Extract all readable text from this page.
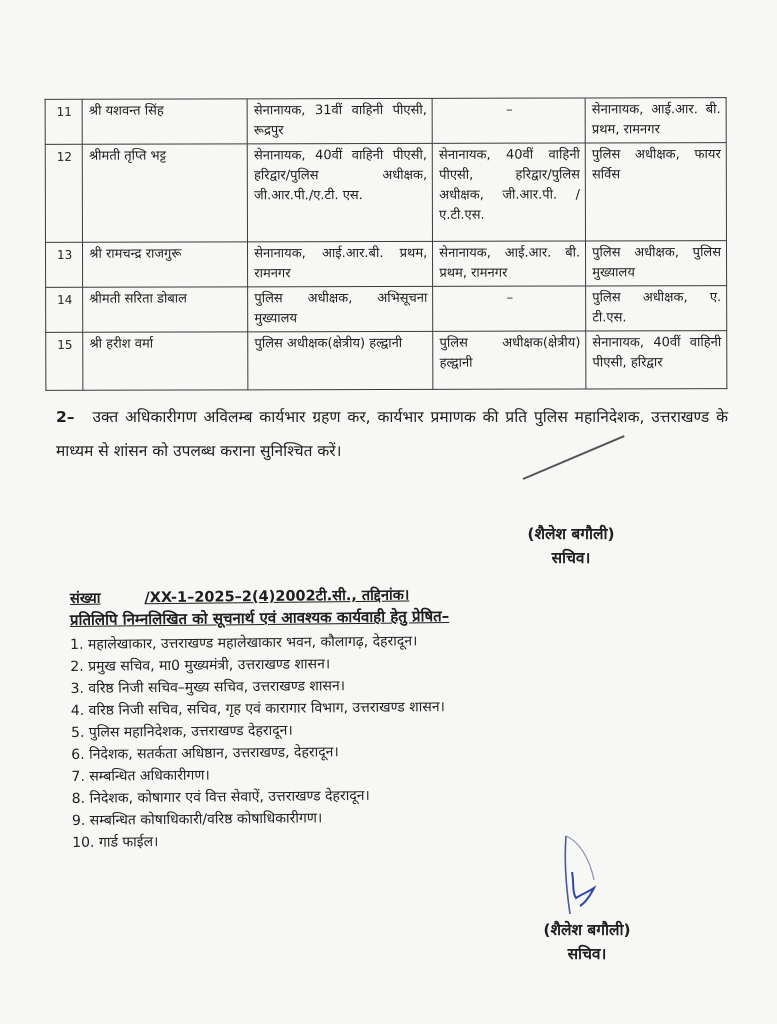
11	श्री यशवन्त सिंह	सेनानायक, 31वीं वाहिनी पीएसी, रूद्रपुर	–	सेनानायक, आई.आर. बी. प्रथम, रामनगर
12	श्रीमती तृप्ति भट्ट	सेनानायक, 40वीं वाहिनी पीएसी, हरिद्वार/पुलिस अधीक्षक, जी.आर.पी./ए.टी. एस.	सेनानायक, 40वीं वाहिनी पीएसी, हरिद्वार/पुलिस अधीक्षक, जी.आर.पी. /ए.टी.एस.	पुलिस अधीक्षक, फायर सर्विस
13	श्री रामचन्द्र राजगुरू	सेनानायक, आई.आर.बी. प्रथम, रामनगर	सेनानायक, आई.आर. बी. प्रथम, रामनगर	पुलिस अधीक्षक, पुलिस मुख्यालय
14	श्रीमती सरिता डोबाल	पुलिस अधीक्षक, अभिसूचना मुख्यालय	–	पुलिस अधीक्षक, ए. टी.एस.
15	श्री हरीश वर्मा	पुलिस अधीक्षक(क्षेत्रीय) हल्द्वानी	पुलिस अधीक्षक(क्षेत्रीय) हल्द्वानी	सेनानायक, 40वीं वाहिनी पीएसी, हरिद्वार
2– उक्त अधिकारीगण अविलम्ब कार्यभार ग्रहण कर, कार्यभार प्रमाणक की प्रति पुलिस महानिदेशक, उत्तराखण्ड के माध्यम से शांसन को उपलब्ध कराना सुनिश्चित करें।
(शैलेश बगौली)
सचिव।
संख्या	/XX-1–2025–2(4)2002टी.सी., तद्दिनांक।
प्रतिलिपि निम्नलिखित को सूचनार्थ एवं आवश्यक कार्यवाही हेतु प्रेषित–
1. महालेखाकार, उत्तराखण्ड महालेखाकार भवन, कौलागढ़, देहरादून।
2. प्रमुख सचिव, मा0 मुख्यमंत्री, उत्तराखण्ड शासन।
3. वरिष्ठ निजी सचिव–मुख्य सचिव, उत्तराखण्ड शासन।
4. वरिष्ठ निजी सचिव, सचिव, गृह एवं कारागार विभाग, उत्तराखण्ड शासन।
5. पुलिस महानिदेशक, उत्तराखण्ड देहरादून।
6. निदेशक, सतर्कता अधिष्ठान, उत्तराखण्ड, देहरादून।
7. सम्बन्धित अधिकारीगण।
8. निदेशक, कोषागार एवं वित्त सेवाऐं, उत्तराखण्ड देहरादून।
9. सम्बन्धित कोषाधिकारी/वरिष्ठ कोषाधिकारीगण।
10. गार्ड फाईल।
(शैलेश बगौली)
सचिव।
